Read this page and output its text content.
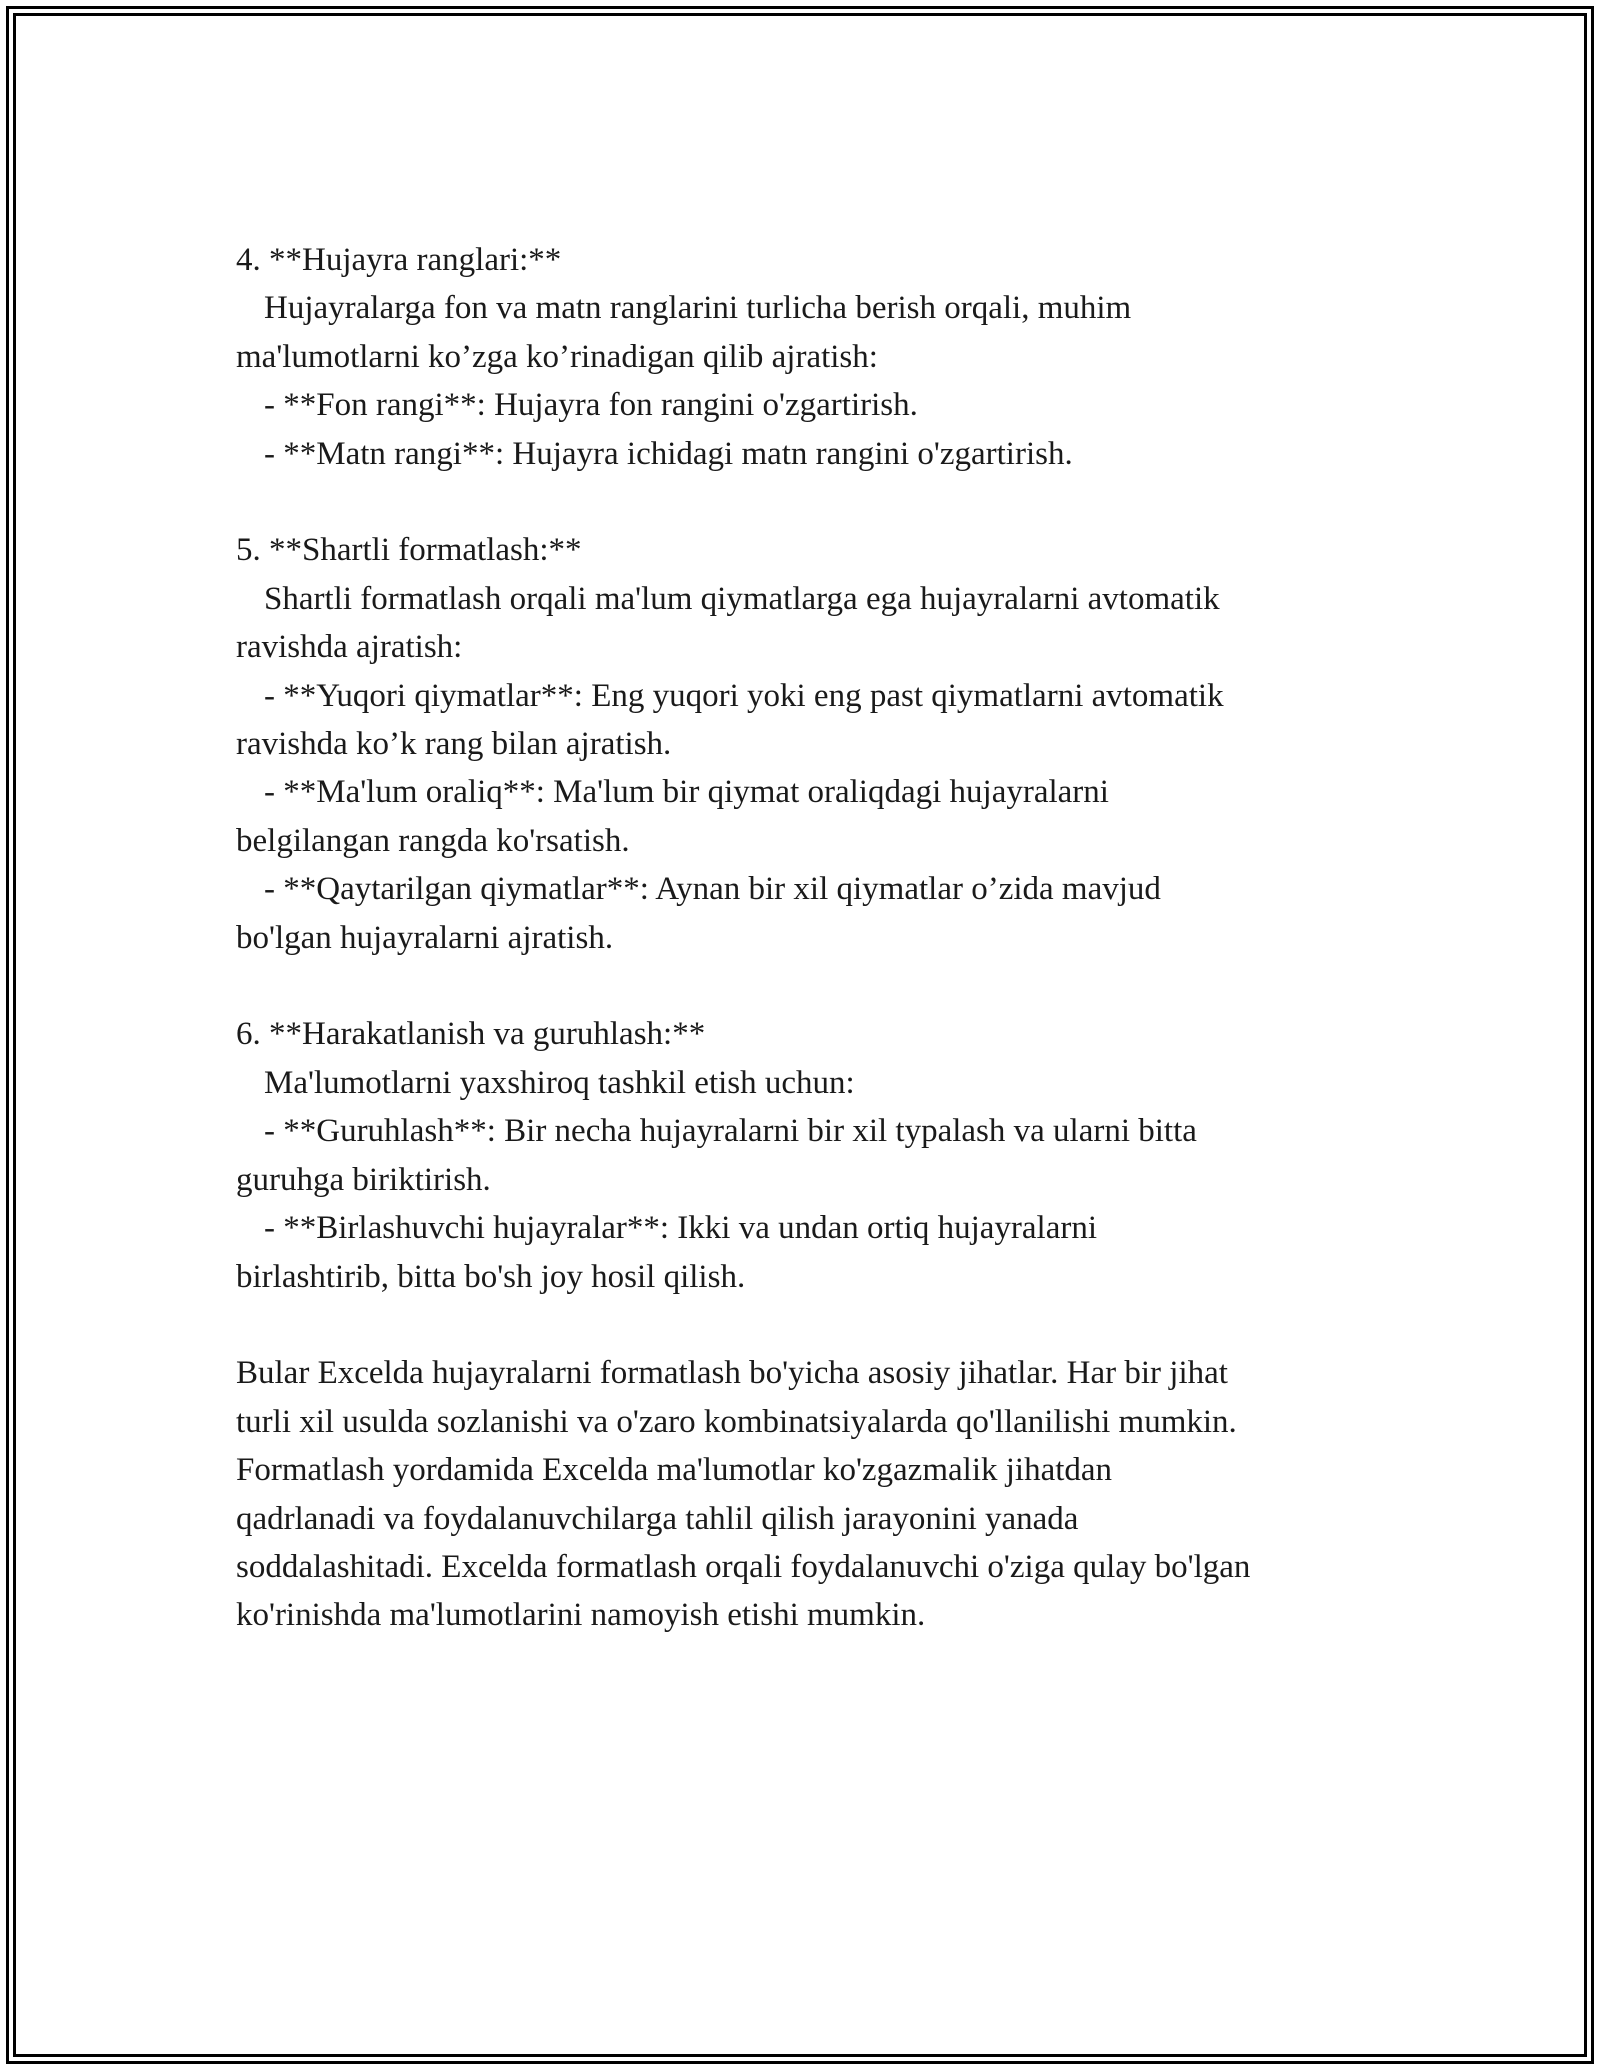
4. **Hujayra ranglari:**
Hujayralarga fon va matn ranglarini turlicha berish orqali, muhim
ma'lumotlarni ko’zga ko’rinadigan qilib ajratish:
- **Fon rangi**: Hujayra fon rangini o'zgartirish.
- **Matn rangi**: Hujayra ichidagi matn rangini o'zgartirish.
5. **Shartli formatlash:**
Shartli formatlash orqali ma'lum qiymatlarga ega hujayralarni avtomatik
ravishda ajratish:
- **Yuqori qiymatlar**: Eng yuqori yoki eng past qiymatlarni avtomatik
ravishda ko’k rang bilan ajratish.
- **Ma'lum oraliq**: Ma'lum bir qiymat oraliqdagi hujayralarni
belgilangan rangda ko'rsatish.
- **Qaytarilgan qiymatlar**: Aynan bir xil qiymatlar o’zida mavjud
bo'lgan hujayralarni ajratish.
6. **Harakatlanish va guruhlash:**
Ma'lumotlarni yaxshiroq tashkil etish uchun:
- **Guruhlash**: Bir necha hujayralarni bir xil typalash va ularni bitta
guruhga biriktirish.
- **Birlashuvchi hujayralar**: Ikki va undan ortiq hujayralarni
birlashtirib, bitta bo'sh joy hosil qilish.
Bular Excelda hujayralarni formatlash bo'yicha asosiy jihatlar. Har bir jihat
turli xil usulda sozlanishi va o'zaro kombinatsiyalarda qo'llanilishi mumkin.
Formatlash yordamida Excelda ma'lumotlar ko'zgazmalik jihatdan
qadrlanadi va foydalanuvchilarga tahlil qilish jarayonini yanada
soddalashitadi. Excelda formatlash orqali foydalanuvchi o'ziga qulay bo'lgan
ko'rinishda ma'lumotlarini namoyish etishi mumkin.
